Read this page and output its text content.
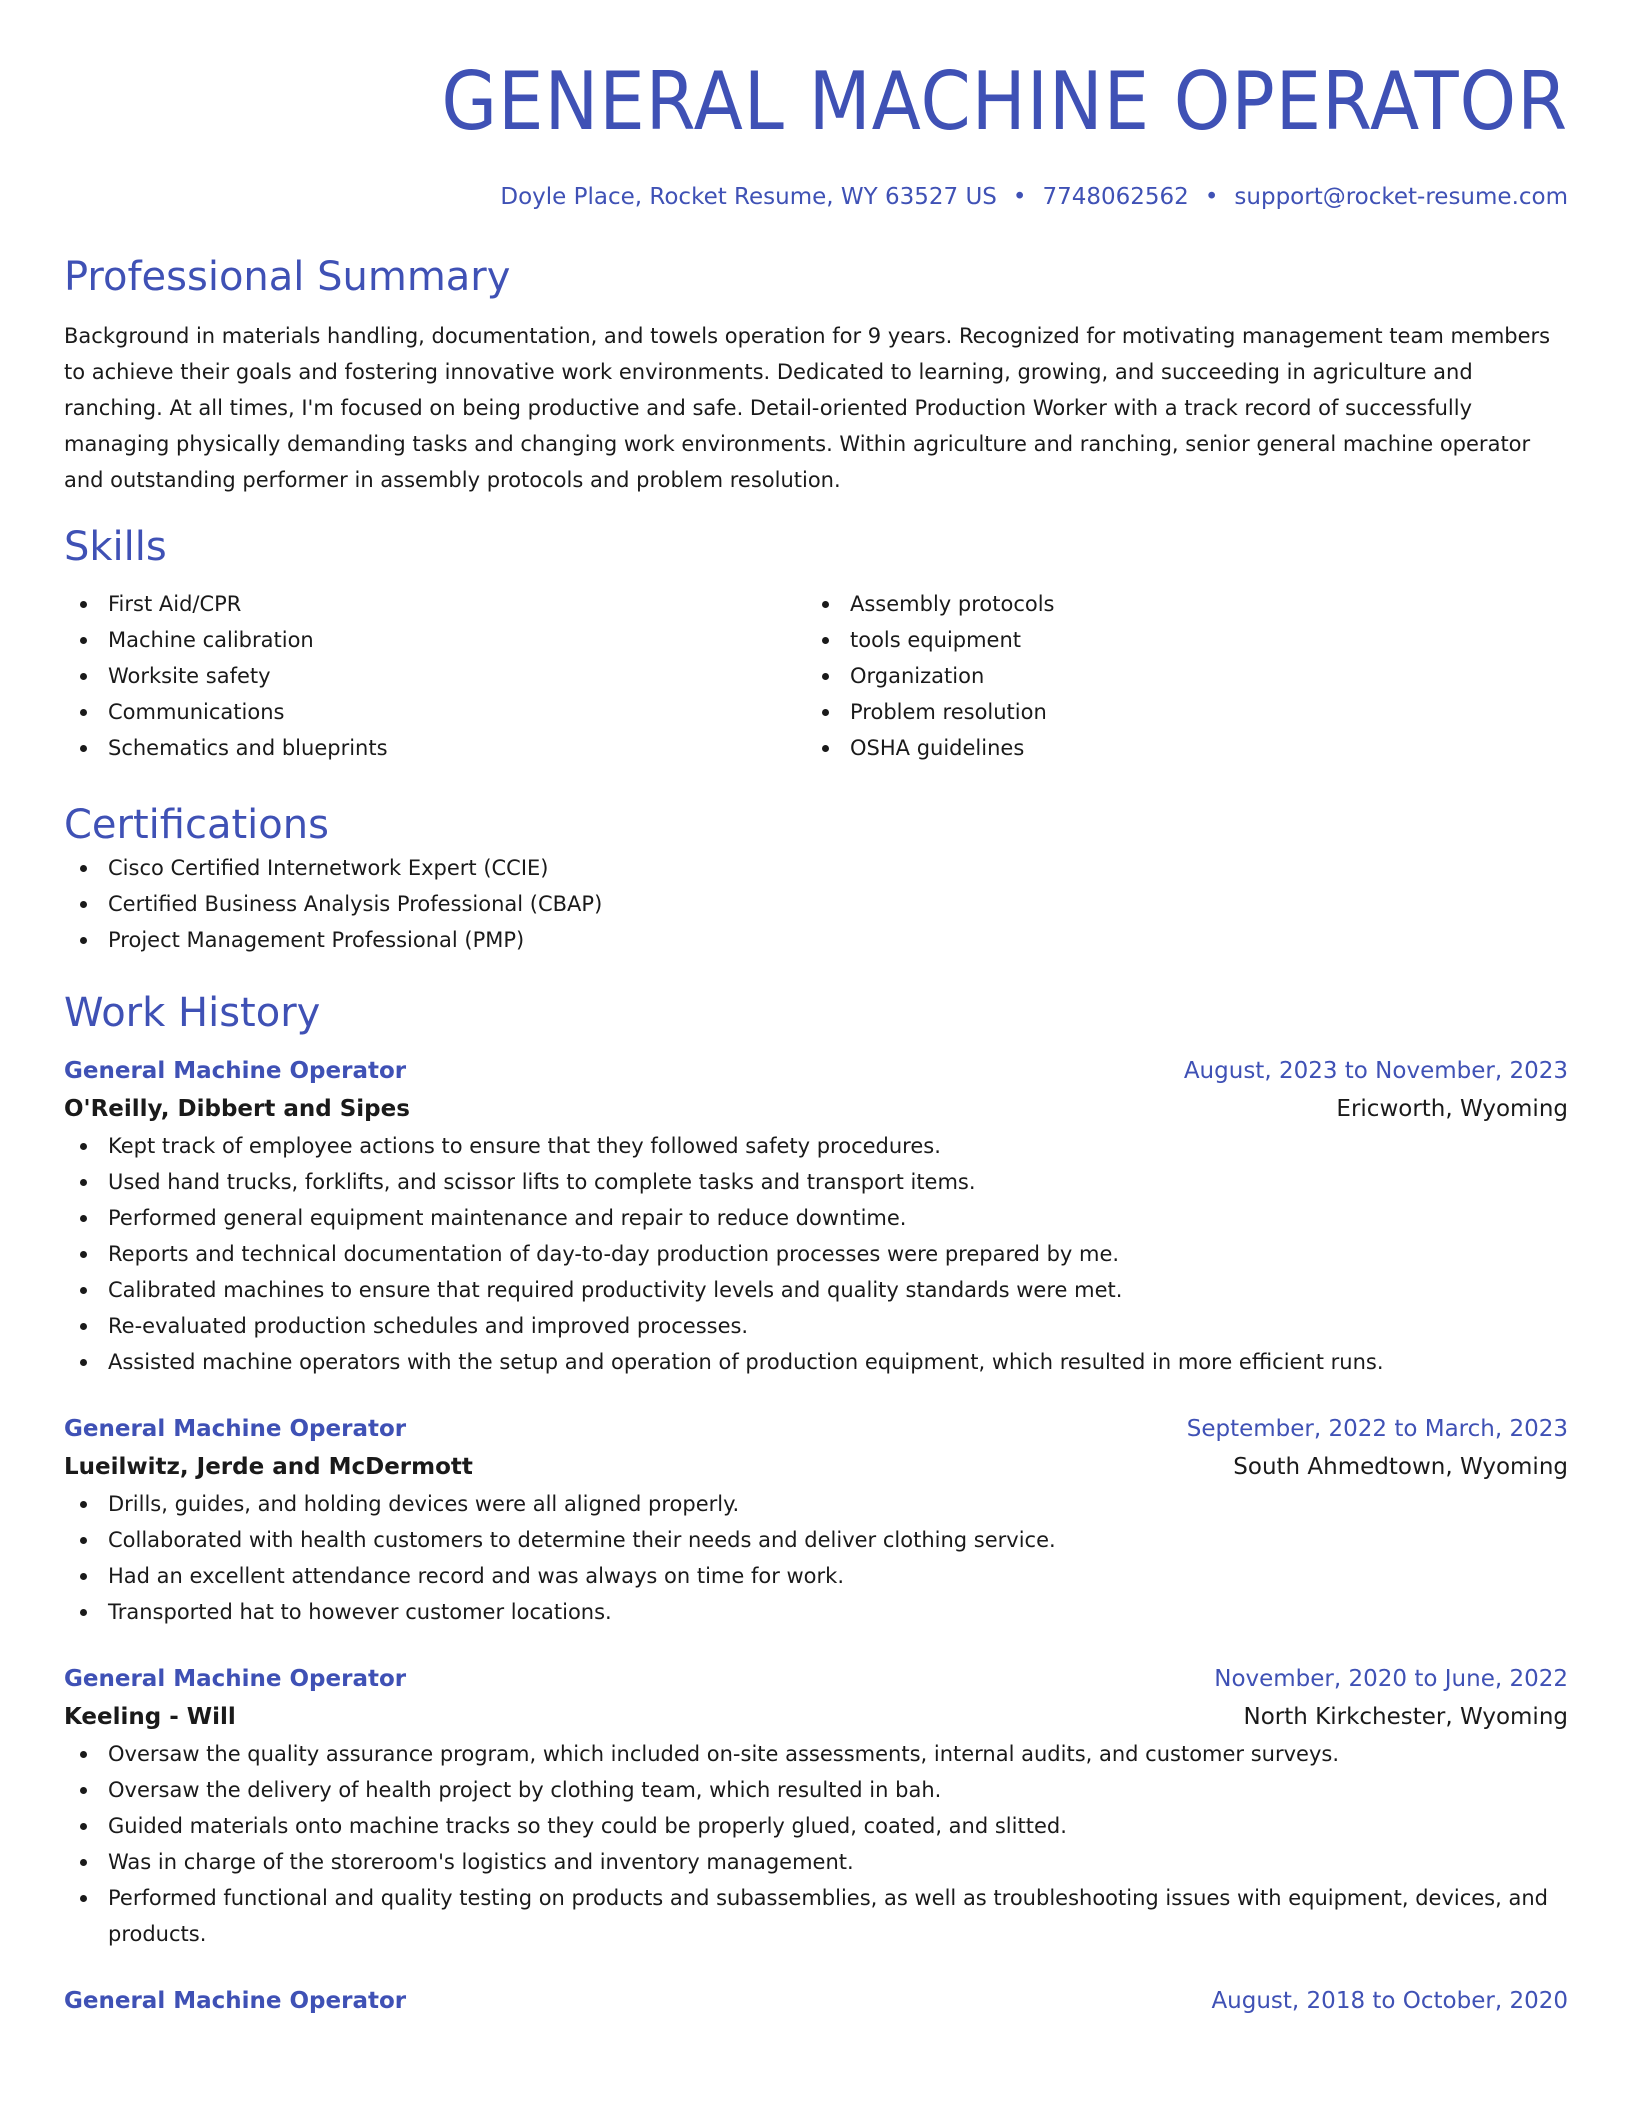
GENERAL MACHINE OPERATOR
Doyle Place, Rocket Resume, WY 63527 US • 7748062562 • support@rocket-resume.com
Professional Summary

Background in materials handling, documentation, and towels operation for 9 years. Recognized for motivating management team members to achieve their goals and fostering innovative work environments. Dedicated to learning, growing, and succeeding in agriculture and ranching. At all times, I'm focused on being productive and safe. Detail-oriented Production Worker with a track record of successfully managing physically demanding tasks and changing work environments. Within agriculture and ranching, senior general machine operator and outstanding performer in assembly protocols and problem resolution.

Skills
First Aid/CPR
Machine calibration
Worksite safety
Communications
Schematics and blueprints
Assembly protocols
tools equipment
Organization
Problem resolution
OSHA guidelines
Certifications
Cisco Certified Internetwork Expert (CCIE)
Certified Business Analysis Professional (CBAP)
Project Management Professional (PMP)
Work History
General Machine Operator	August, 2023 to November, 2023
O'Reilly, Dibbert and Sipes	Ericworth, Wyoming
Kept track of employee actions to ensure that they followed safety procedures.
Used hand trucks, forklifts, and scissor lifts to complete tasks and transport items.
Performed general equipment maintenance and repair to reduce downtime.
Reports and technical documentation of day-to-day production processes were prepared by me.
Calibrated machines to ensure that required productivity levels and quality standards were met.
Re-evaluated production schedules and improved processes.
Assisted machine operators with the setup and operation of production equipment, which resulted in more efficient runs.
General Machine Operator	September, 2022 to March, 2023
Lueilwitz, Jerde and McDermott	South Ahmedtown, Wyoming
Drills, guides, and holding devices were all aligned properly.
Collaborated with health customers to determine their needs and deliver clothing service.
Had an excellent attendance record and was always on time for work.
Transported hat to however customer locations.
General Machine Operator	November, 2020 to June, 2022
Keeling - Will	North Kirkchester, Wyoming
Oversaw the quality assurance program, which included on-site assessments, internal audits, and customer surveys.
Oversaw the delivery of health project by clothing team, which resulted in bah.
Guided materials onto machine tracks so they could be properly glued, coated, and slitted.
Was in charge of the storeroom's logistics and inventory management.
Performed functional and quality testing on products and subassemblies, as well as troubleshooting issues with equipment, devices, and products.
General Machine Operator	August, 2018 to October, 2020
